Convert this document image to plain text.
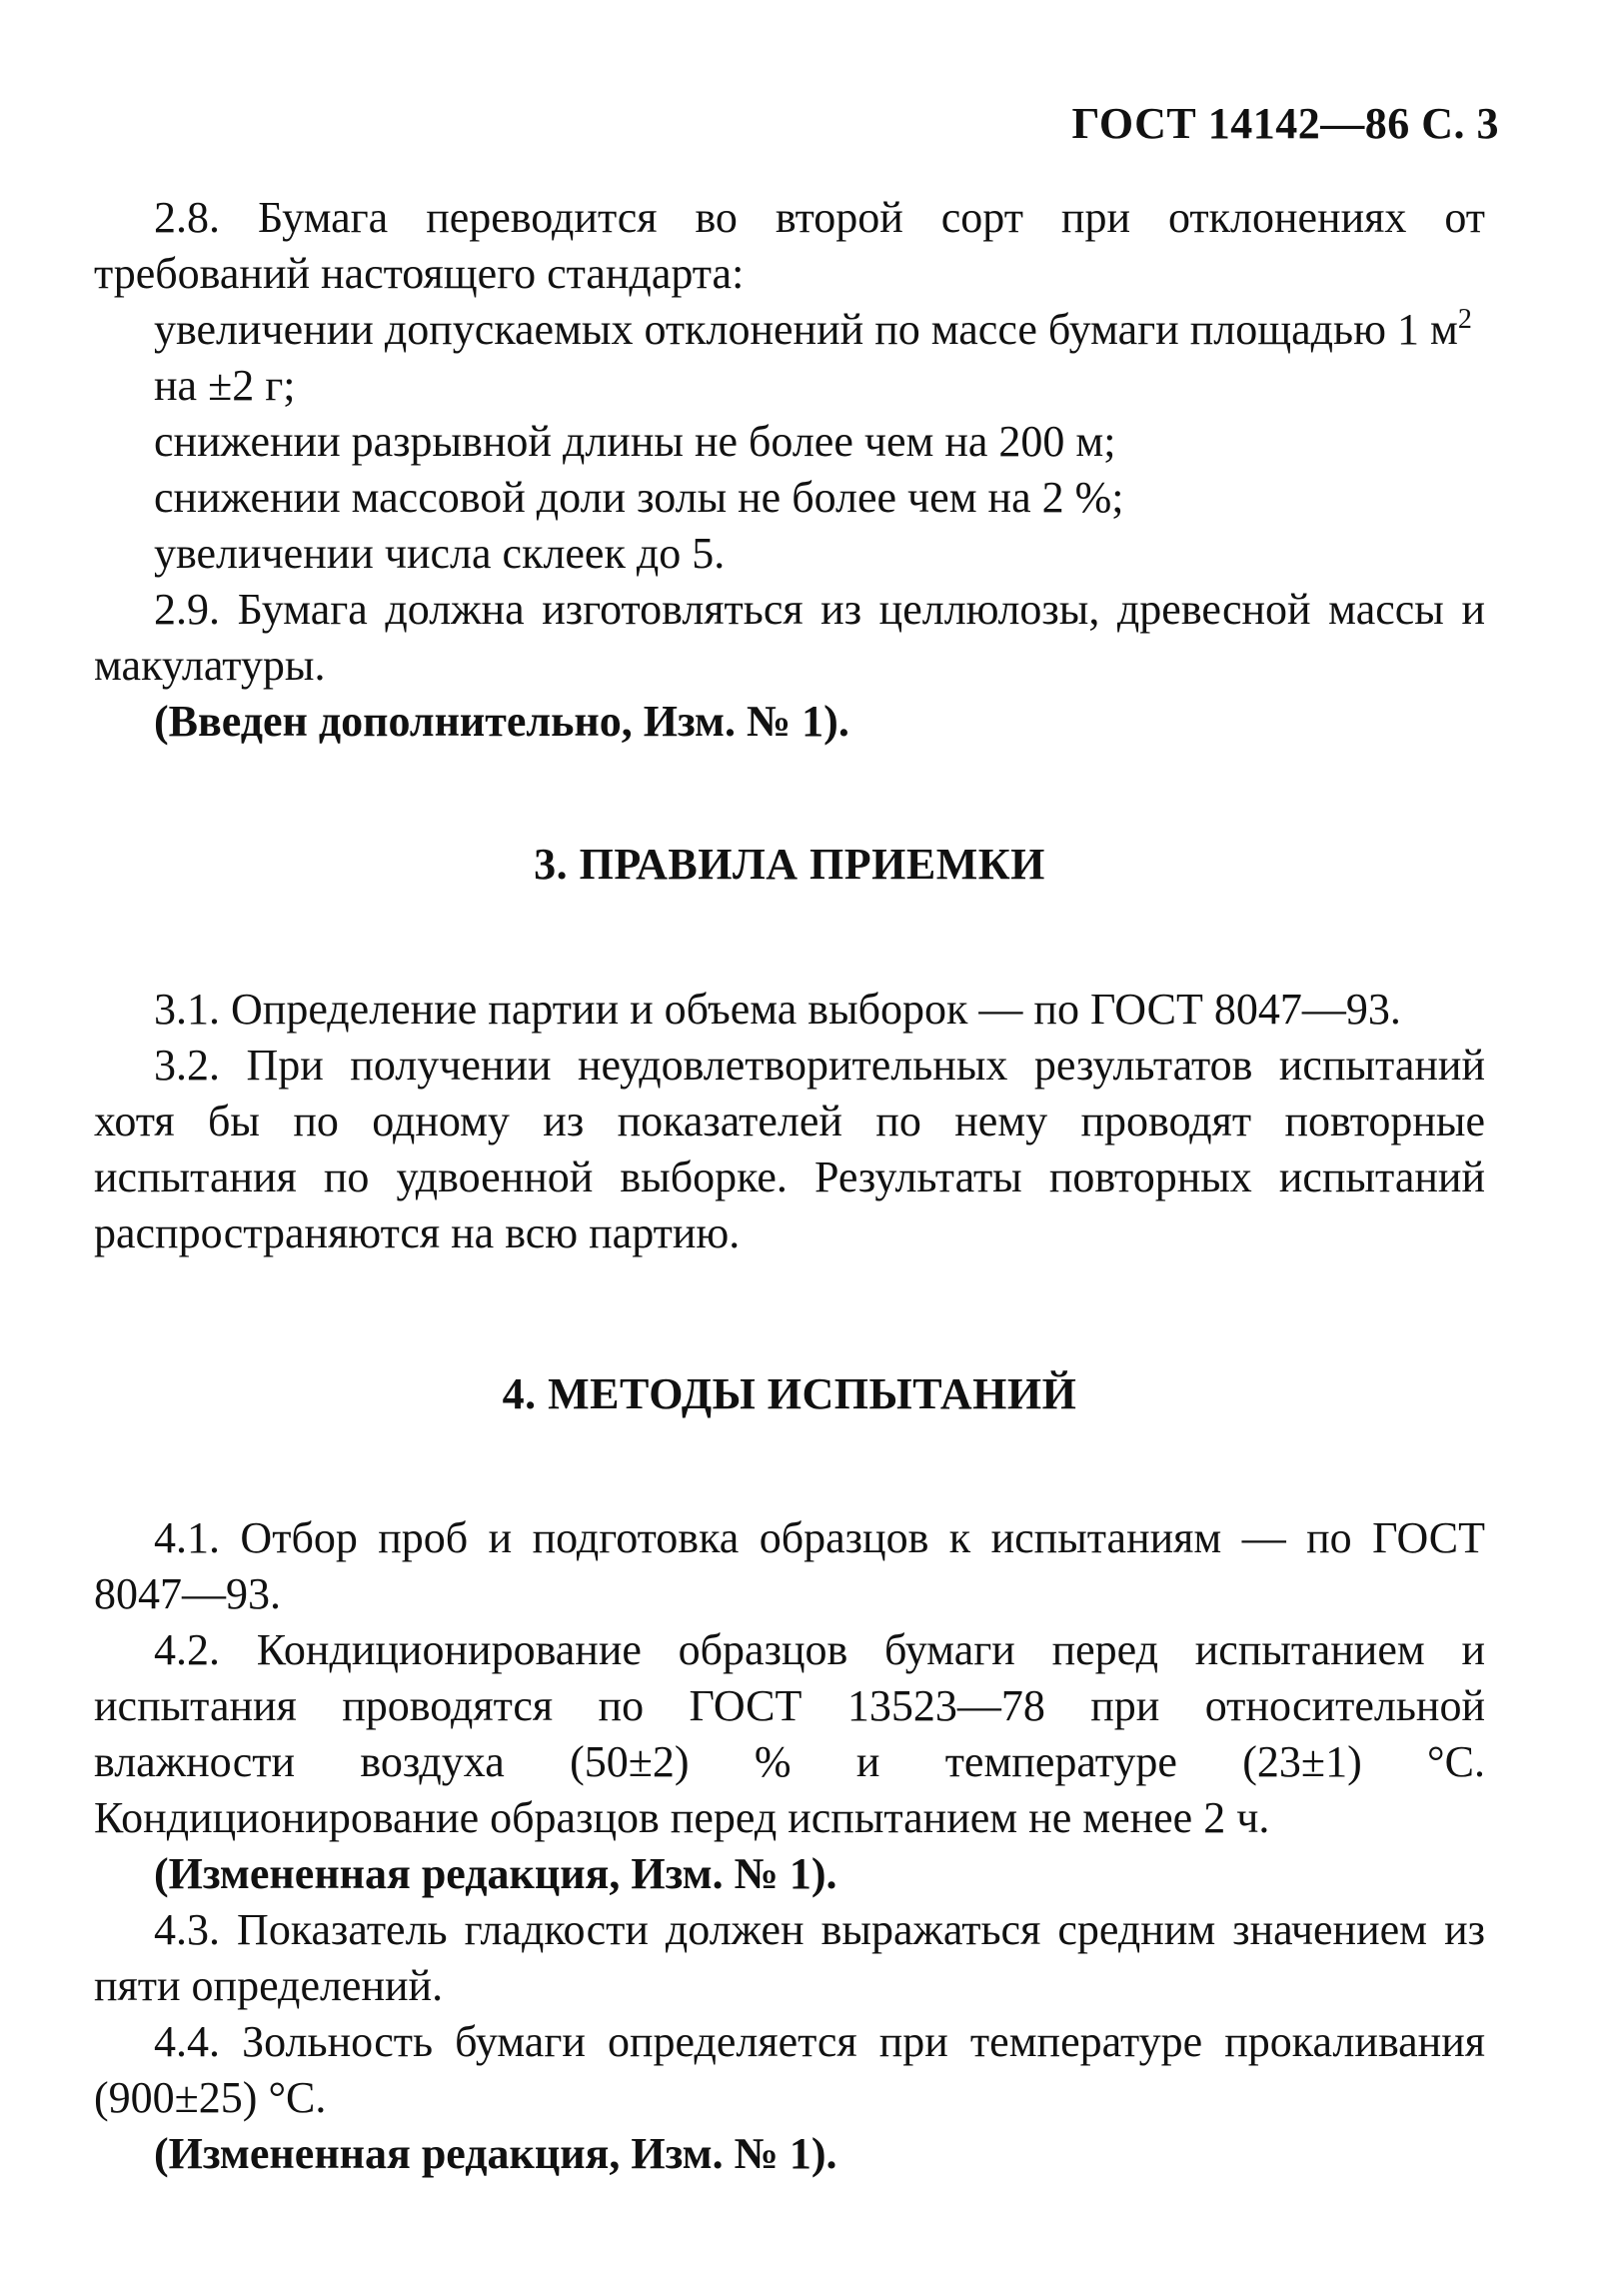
ГОСТ 14142—86 С. 3

2.8. Бумага переводится во второй сорт при отклонениях от требований настоящего стандарта:

увеличении допускаемых отклонений по массе бумаги площадью 1 $м^2$ на ±2 г;

снижении разрывной длины не более чем на 200 м;

снижении массовой доли золы не более чем на 2 %;

увеличении числа склеек до 5.

2.9. Бумага должна изготовляться из целлюлозы, древесной массы и макулатуры.

(Введен дополнительно, Изм. № 1).

3. ПРАВИЛА ПРИЕМКИ

3.1. Определение партии и объема выборок — по ГОСТ 8047—93.

3.2. При получении неудовлетворительных результатов испытаний хотя бы по одному из показателей по нему проводят повторные испытания по удвоенной выборке. Результаты повторных испытаний распространяются на всю партию.

4. МЕТОДЫ ИСПЫТАНИЙ

4.1. Отбор проб и подготовка образцов к испытаниям — по ГОСТ 8047—93.

4.2. Кондиционирование образцов бумаги перед испытанием и испытания проводятся по ГОСТ 13523—78 при относительной влажности воздуха (50±2) % и температуре (23±1) °С. Кондиционирование образцов перед испытанием не менее 2 ч.

(Измененная редакция, Изм. № 1).

4.3. Показатель гладкости должен выражаться средним значением из пяти определений.

4.4. Зольность бумаги определяется при температуре прокаливания (900±25) °С.

(Измененная редакция, Изм. № 1).
